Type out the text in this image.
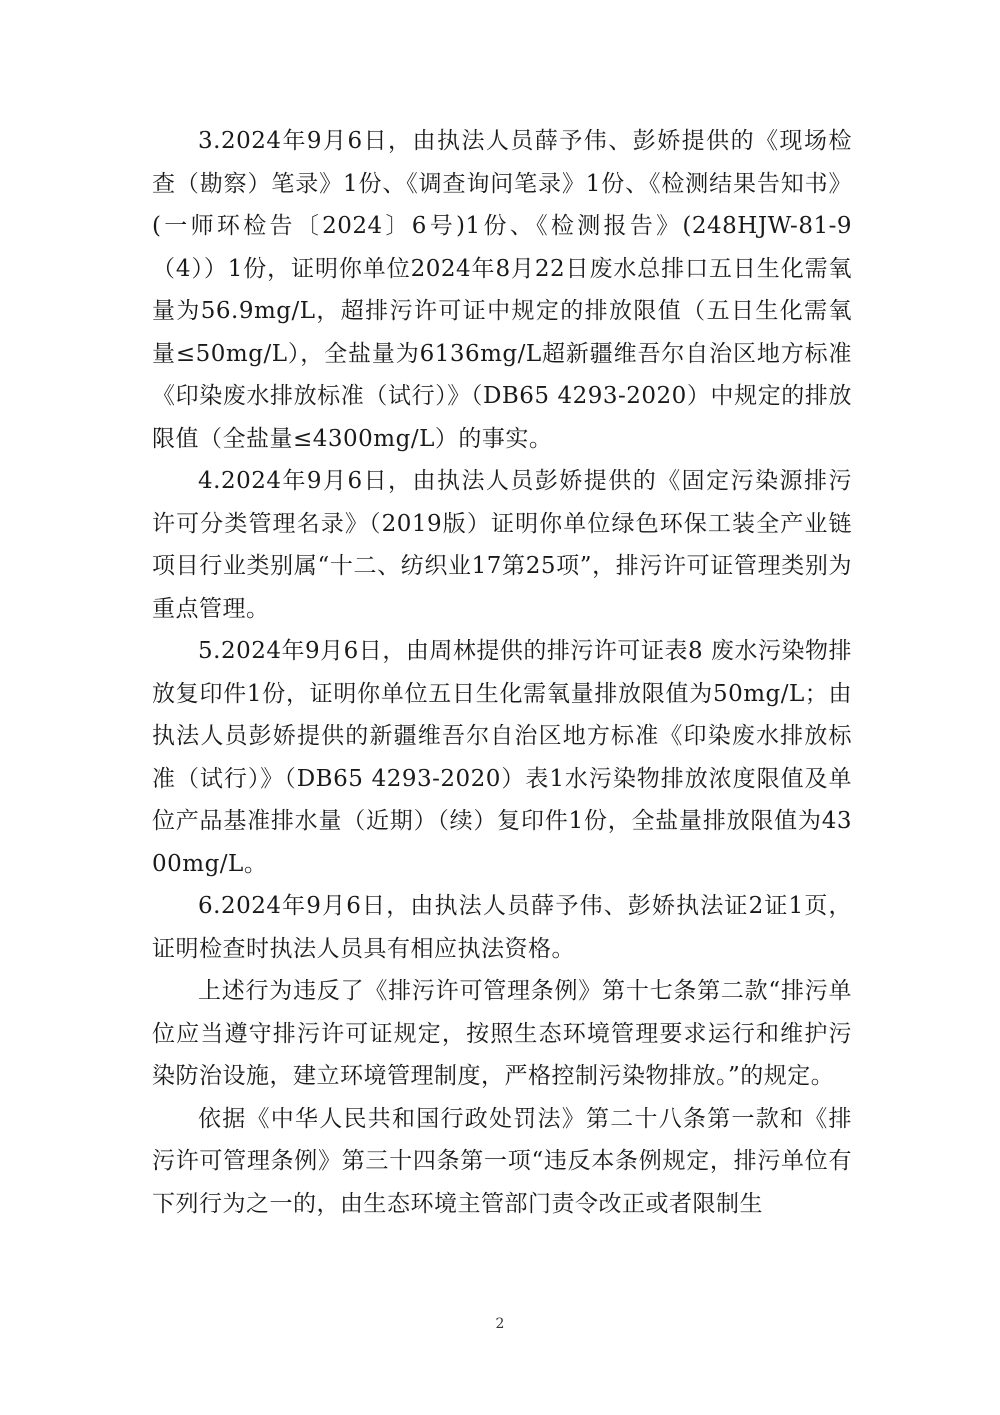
3.2024年9月6日，由执法人员薛予伟、彭娇提供的《现场检查（勘察）笔录》1份、《调查询问笔录》1份、《检测结果告知书》(一师环检告〔2024〕6号)1份、《检测报告》(248HJW-81-9（4））1份，证明你单位2024年8月22日废水总排口五日生化需氧量为56.9mg/L，超排污许可证中规定的排放限值（五日生化需氧量≤50mg/L），全盐量为6136mg/L超新疆维吾尔自治区地方标准《印染废水排放标准（试行）》（DB65 4293-2020）中规定的排放限值（全盐量≤4300mg/L）的事实。

4.2024年9月6日，由执法人员彭娇提供的《固定污染源排污许可分类管理名录》（2019版）证明你单位绿色环保工装全产业链项目行业类别属“十二、纺织业17第25项”，排污许可证管理类别为重点管理。

5.2024年9月6日，由周林提供的排污许可证表8 废水污染物排放复印件1份，证明你单位五日生化需氧量排放限值为50mg/L；由执法人员彭娇提供的新疆维吾尔自治区地方标准《印染废水排放标准（试行）》（DB65 4293-2020）表1水污染物排放浓度限值及单位产品基准排水量（近期）（续）复印件1份，全盐量排放限值为4300mg/L。

6.2024年9月6日，由执法人员薛予伟、彭娇执法证2证1页，证明检查时执法人员具有相应执法资格。

上述行为违反了《排污许可管理条例》第十七条第二款“排污单位应当遵守排污许可证规定，按照生态环境管理要求运行和维护污染防治设施，建立环境管理制度，严格控制污染物排放。”的规定。

依据《中华人民共和国行政处罚法》第二十八条第一款和《排污许可管理条例》第三十四条第一项“违反本条例规定，排污单位有下列行为之一的，由生态环境主管部门责令改正或者限制生

2
